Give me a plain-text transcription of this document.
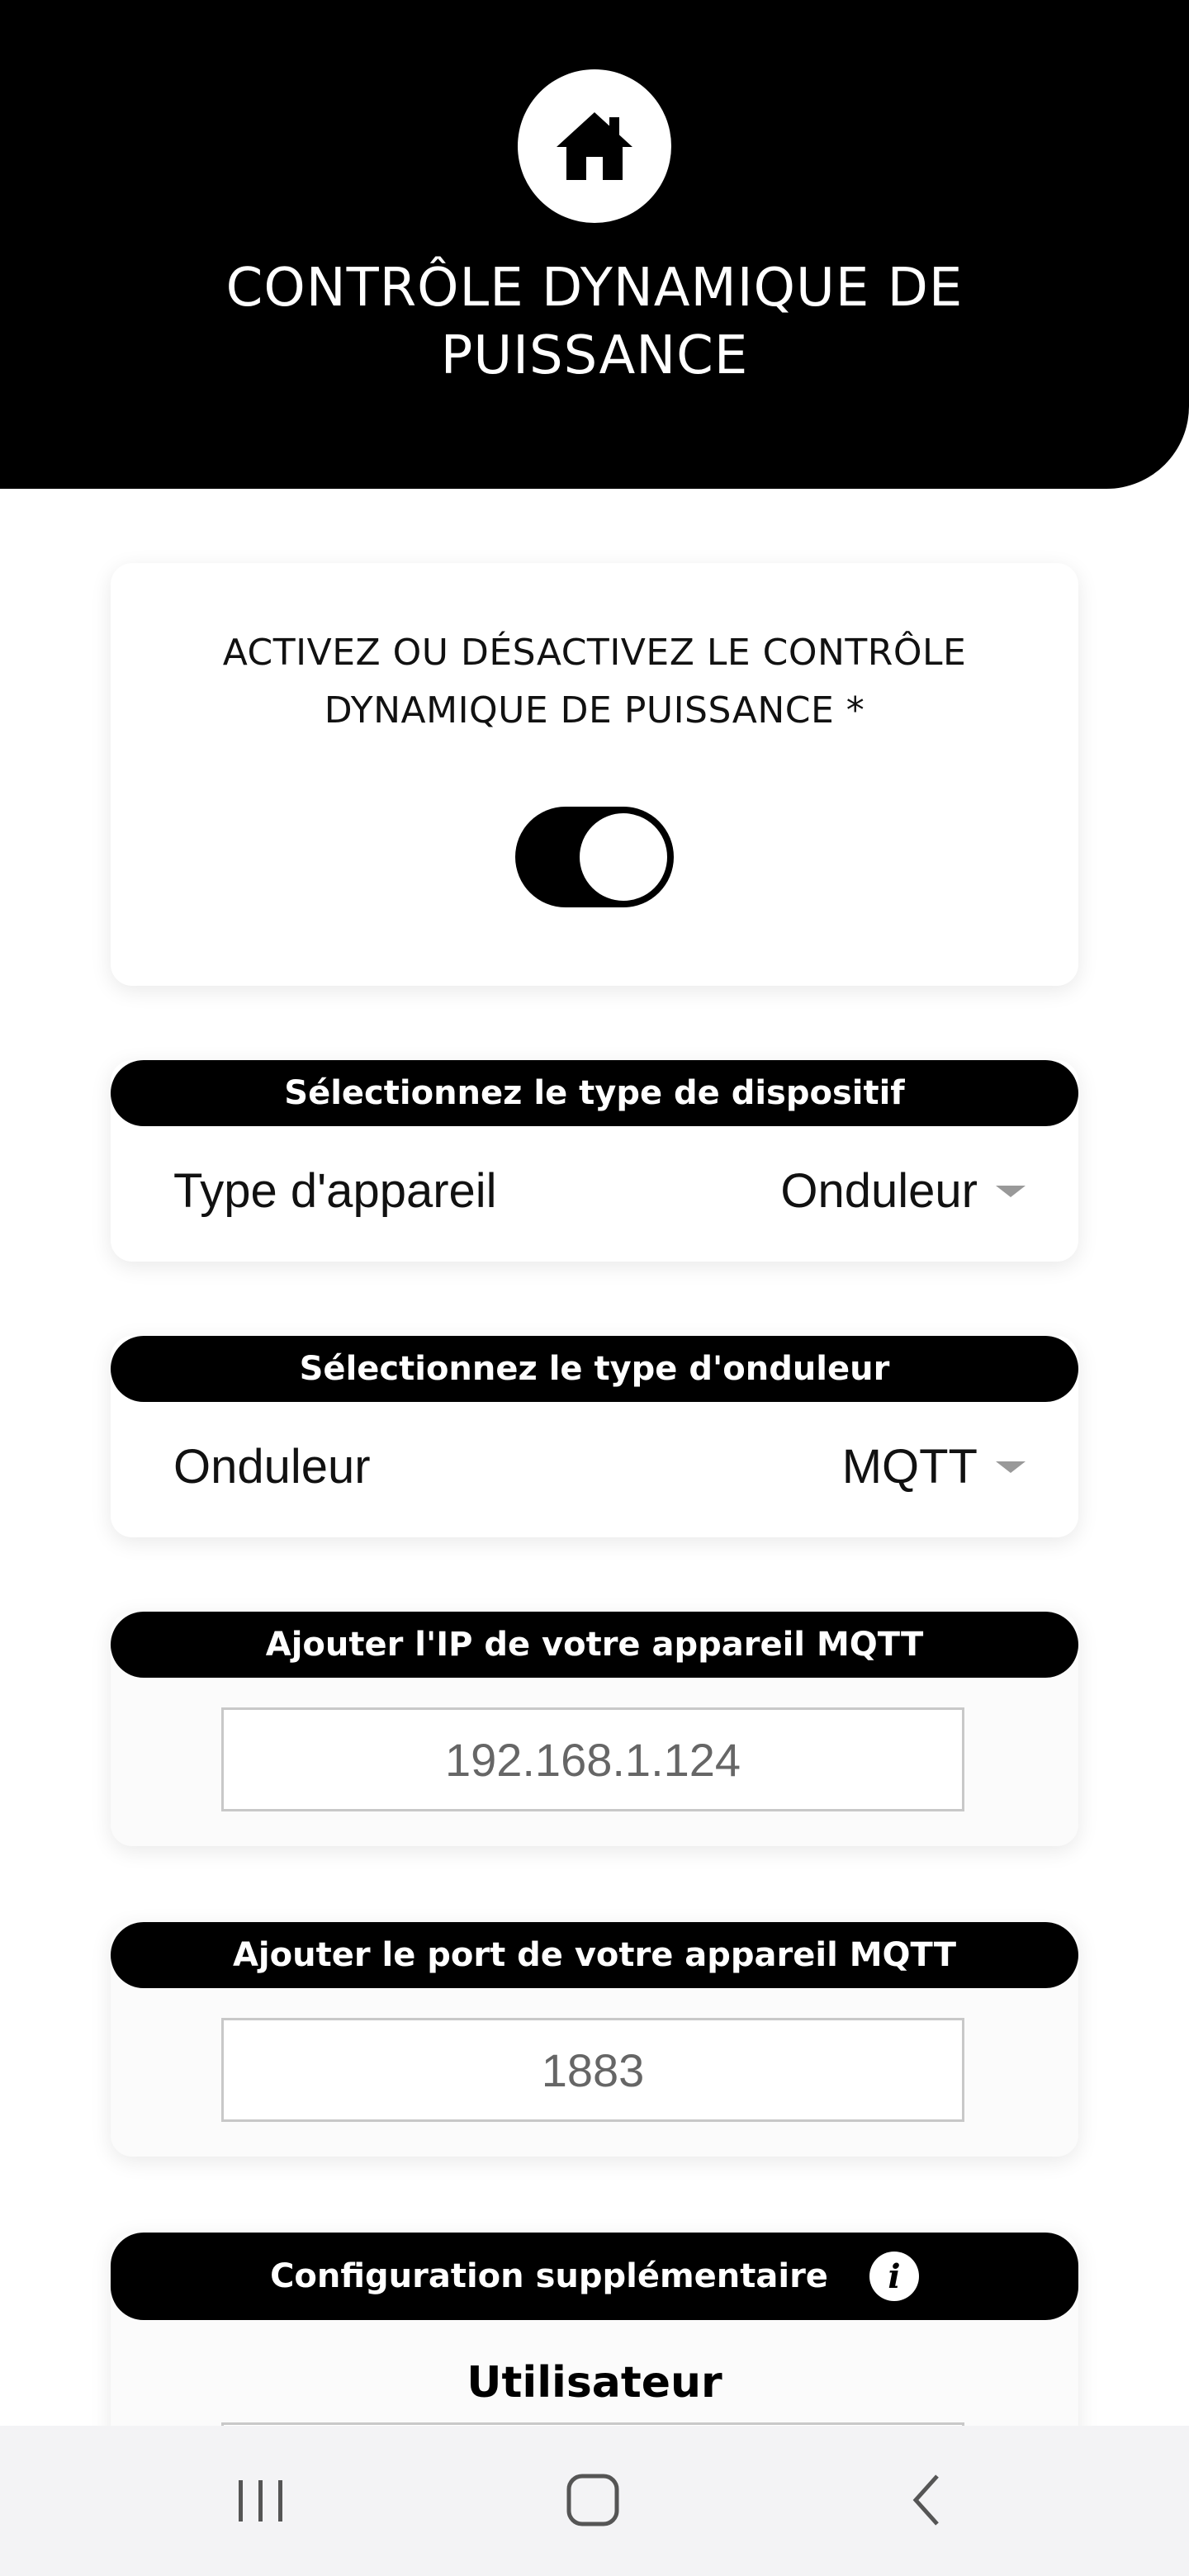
CONTRÔLE DYNAMIQUE DE PUISSANCE
ACTIVEZ OU DÉSACTIVEZ LE CONTRÔLE DYNAMIQUE DE PUISSANCE *
Sélectionnez le type de dispositif
Type d'appareil	Onduleur
Sélectionnez le type d'onduleur
Onduleur	MQTT
Ajouter l'IP de votre appareil MQTT
192.168.1.124
Ajouter le port de votre appareil MQTT
1883
Configuration supplémentaire	i
Utilisateur
